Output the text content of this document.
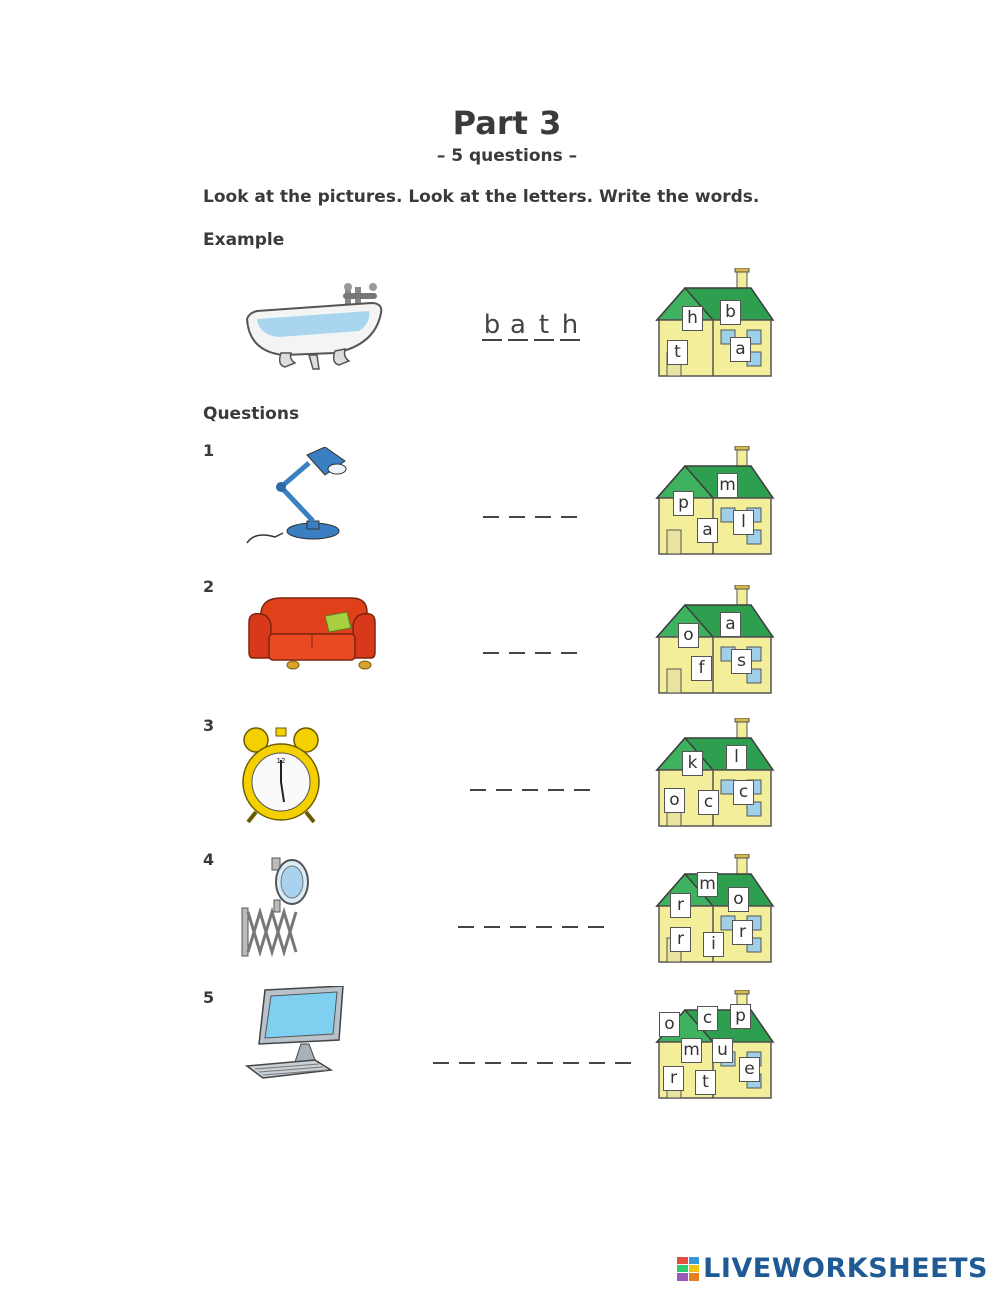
Part 3
– 5 questions –
Look at the pictures. Look at the letters. Write the words.
Example
b a t h	h	b
t	a
Questions
1
m
p
a	l
2
a
o
f	s
3
12	l
k
o	c	c
4
m
r	o
r	i
r
5
c	p
o
m	u
e
r	t
LIVEWORKSHEETS
